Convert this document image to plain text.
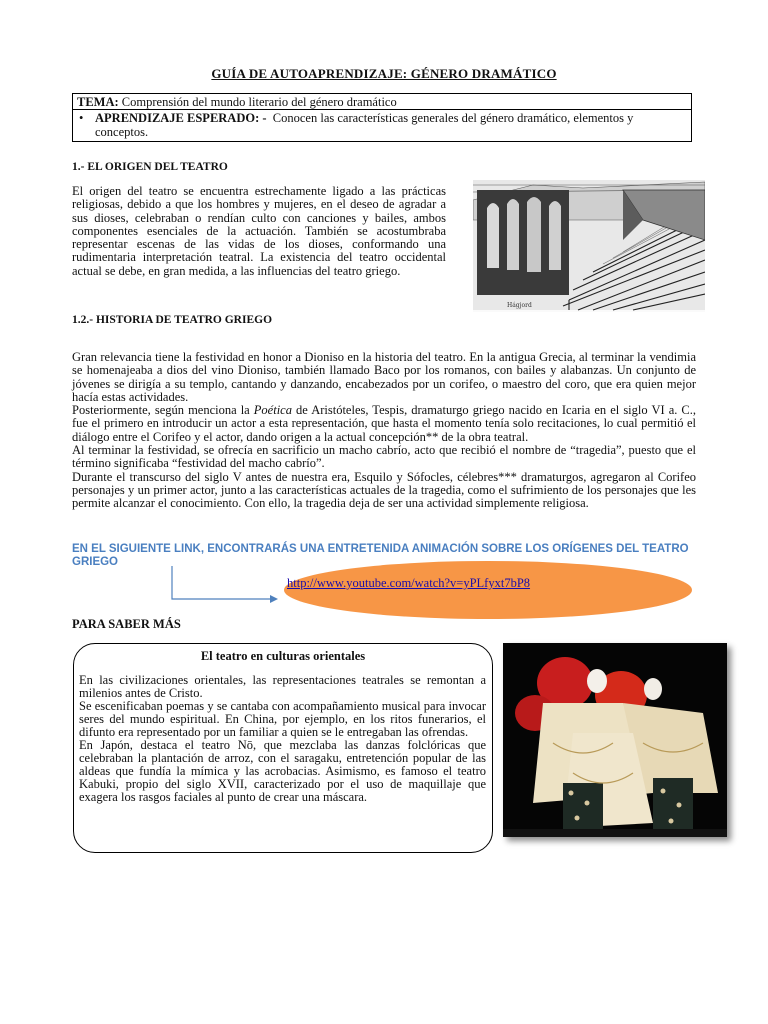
GUÍA DE AUTOAPRENDIZAJE: GÉNERO DRAMÁTICO
TEMA: Comprensión del mundo literario del género dramático
• APRENDIZAJE ESPERADO: - Conocen las características generales del género dramático, elementos y conceptos.
1.- EL ORIGEN DEL TEATRO

El origen del teatro se encuentra estrechamente ligado a las prácticas religiosas, debido a que los hombres y mujeres, en el deseo de agradar a sus dioses, celebraban o rendían culto con canciones y bailes, ambos componentes esenciales de la actuación. También se acostumbraba representar escenas de las vidas de los dioses, conformando una rudimentaria interpretación teatral. La existencia del teatro occidental actual se debe, en gran medida, a las influencias del teatro griego.

Hágjord
1.2.- HISTORIA DE TEATRO GRIEGO

Gran relevancia tiene la festividad en honor a Dioniso en la historia del teatro. En la antigua Grecia, al terminar la vendimia se homenajeaba a dios del vino Dioniso, también llamado Baco por los romanos, con bailes y alabanzas. Un conjunto de jóvenes se dirigía a su templo, cantando y danzando, encabezados por un corifeo, o maestro del coro, que era quien mejor hacía estas actividades.

Posteriormente, según menciona la Poética de Aristóteles, Tespis, dramaturgo griego nacido en Icaria en el siglo VI a. C., fue el primero en introducir un actor a esta representación, que hasta el momento tenía solo recitaciones, lo cual permitió el diálogo entre el Corifeo y el actor, dando origen a la actual concepción** de la obra teatral.

Al terminar la festividad, se ofrecía en sacrificio un macho cabrío, acto que recibió el nombre de “tragedia”, puesto que el término significaba “festividad del macho cabrío”.

Durante el transcurso del siglo V antes de nuestra era, Esquilo y Sófocles, célebres*** dramaturgos, agregaron al Corifeo personajes y un primer actor, junto a las características actuales de la tragedia, como el sufrimiento de los personajes que les permite alcanzar el conocimiento. Con ello, la tragedia deja de ser una actividad simplemente religiosa.

EN EL SIGUIENTE LINK, ENCONTRARÁS UNA ENTRETENIDA ANIMACIÓN SOBRE LOS ORÍGENES DEL TEATRO GRIEGO
http://www.youtube.com/watch?v=yPLfyxt7bP8
PARA SABER MÁS
El teatro en culturas orientales

En las civilizaciones orientales, las representaciones teatrales se remontan a milenios antes de Cristo.

Se escenificaban poemas y se cantaba con acompañamiento musical para invocar seres del mundo espiritual. En China, por ejemplo, en los ritos funerarios, el difunto era representado por un familiar a quien se le entregaban las ofrendas.

En Japón, destaca el teatro Nō, que mezclaba las danzas folclóricas que celebraban la plantación de arroz, con el saragaku, entretención popular de las aldeas que fundía la mímica y las acrobacias. Asimismo, es famoso el teatro Kabuki, propio del siglo XVII, caracterizado por el uso de maquillaje que exagera los rasgos faciales al punto de crear una máscara.
